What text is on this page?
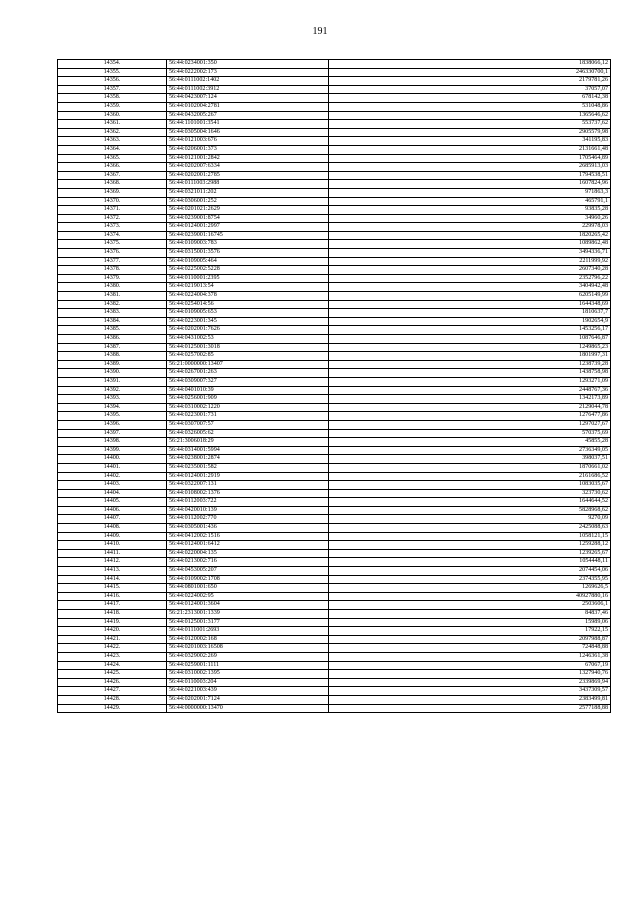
191
14354.	56:44:0234001:350	1838066,12
14355.	56:44:0222002:173	246330700,1
14356.	56:44:0111002:1402	2179781,26
14357.	56:44:0111002:3912	37057,07
14358.	56:44:0423007:124	678142,38
14359.	56:44:0102004:2781	531048,86
14360.	56:44:0432005:267	1365646,62
14361.	56:44:1101001:3541	553737,62
14362.	56:44:0305004:1646	2905579,98
14363.	56:44:0121003:676	341195,83
14364.	56:44:0206001:373	2131661,48
14365.	56:44:0121001:2842	1705464,89
14366.	56:44:0202007:6334	2685913,03
14367.	56:44:0202001:2785	1794538,51
14368.	56:44:0111003:2988	1607824,96
14369.	56:44:0321011:202	971863,3
14370.	56:44:0306001:252	465791,1
14371.	56:44:0201021:2629	93835,28
14372.	56:44:0239001:8754	34960,26
14373.	56:44:0124001:2997	229978,03
14374.	56:44:0239001:16745	1820265,42
14375.	56:44:0109003:783	1089862,48
14376.	56:44:0315001:3576	3494336,71
14377.	56:44:0109005:464	2211999,92
14378.	56:44:0225002:5228	2607340,28
14379.	56:44:0110001:2395	2352796,22
14380.	56:44:0219013:54	3404942,48
14381.	56:44:0224004:378	6205149,99
14382.	56:44:0254014:56	1644348,69
14383.	56:44:0109005:653	1810637,7
14384.	56:44:0223001:345	1902654,9
14385.	56:44:0202001:7626	1453256,17
14386.	56:44:0431002:53	1087646,87
14387.	56:44:0125001:3018	1249865,23
14388.	56:44:0257002:85	1801997,31
14389.	56:21:0000000:13407	1238739,28
14390.	56:44:0267001:263	1438758,98
14391.	56:44:0309007:327	1293271,09
14392.	56:44:0401010:39	2448767,36
14393.	56:44:0256001:909	1342173,89
14394.	56:44:0310002:1220	2129044,78
14395.	56:44:0223001:731	1276477,86
14396.	56:44:0307007:57	1297027,67
14397.	56:44:0326005:62	570375,69
14398.	56:21:3006018:29	45855,28
14399.	56:44:0314001:5994	2736349,05
14400.	56:44:0238001:2874	398037,51
14401.	56:44:0235001:582	1870661,02
14402.	56:44:0124001:2919	2161686,52
14403.	56:44:0322007:131	1083035,67
14404.	56:44:0108002:1376	323730,62
14405.	56:44:0112003:722	1644644,52
14406.	56:44:0420010:139	5828968,62
14407.	56:44:0112002:770	9270,09
14408.	56:44:0305001:436	2425088,63
14409.	56:44:0412002:1516	1058121,15
14410.	56:44:0124001:6412	1259288,12
14411.	56:44:0220004:135	1239265,67
14412.	56:44:0213002:716	1054448,11
14413.	56:44:0453005:207	2074454,06
14414.	56:44:0109002:1708	2374355,95
14415.	56:44:0801001:650	1269626,5
14416.	56:44:0224002:95	40927880,16
14417.	56:44:0124001:3604	2503606,1
14418.	56:21:2313001:1339	84837,46
14419.	56:44:0125001:3177	15989,06
14420.	56:44:0111001:2693	17922,15
14421.	56:44:0120002:168	2097988,87
14422.	56:44:0201003:16508	724848,88
14423.	56:44:0329002:269	1246361,38
14424.	56:44:0259001:1111	67067,19
14425.	56:44:0310002:1395	1327940,76
14426.	56:44:0110003:204	2339869,94
14427.	56:44:0221003:439	3437309,57
14428.	56:44:0202001:7124	2383499,81
14429.	56:44:0000000:13470	2577188,88
